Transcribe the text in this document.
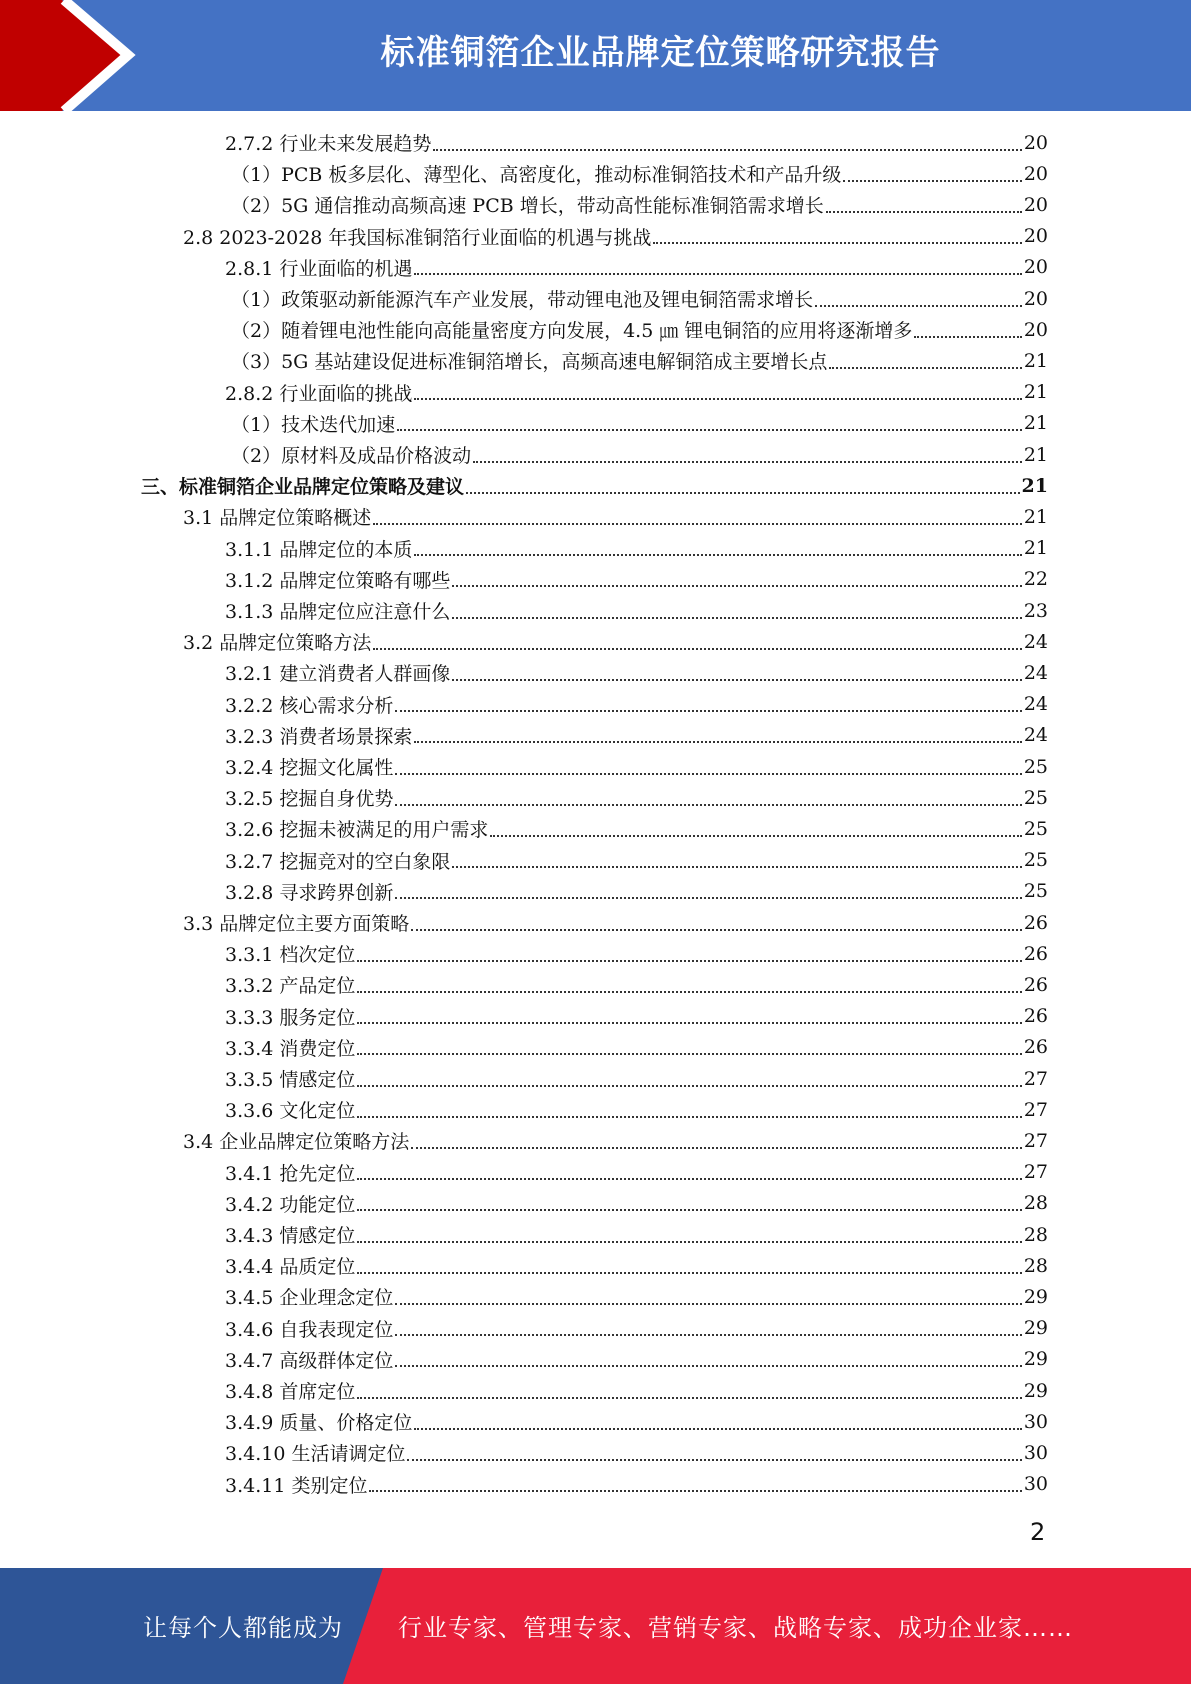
标准铜箔企业品牌定位策略研究报告
2.7.2 行业未来发展趋势	20
（1）PCB 板多层化、薄型化、高密度化，推动标准铜箔技术和产品升级	20
（2）5G 通信推动高频高速 PCB 增长，带动高性能标准铜箔需求增长	20
2.8 2023-2028 年我国标准铜箔行业面临的机遇与挑战	20
2.8.1 行业面临的机遇	20
（1）政策驱动新能源汽车产业发展，带动锂电池及锂电铜箔需求增长	20
（2）随着锂电池性能向高能量密度方向发展，4.5 ㎛ 锂电铜箔的应用将逐渐增多	20
（3）5G 基站建设促进标准铜箔增长，高频高速电解铜箔成主要增长点	21
2.8.2 行业面临的挑战	21
（1）技术迭代加速	21
（2）原材料及成品价格波动	21
三、标准铜箔企业品牌定位策略及建议	21
3.1 品牌定位策略概述	21
3.1.1 品牌定位的本质	21
3.1.2 品牌定位策略有哪些	22
3.1.3 品牌定位应注意什么	23
3.2 品牌定位策略方法	24
3.2.1 建立消费者人群画像	24
3.2.2 核心需求分析	24
3.2.3 消费者场景探索	24
3.2.4 挖掘文化属性	25
3.2.5 挖掘自身优势	25
3.2.6 挖掘未被满足的用户需求	25
3.2.7 挖掘竞对的空白象限	25
3.2.8 寻求跨界创新	25
3.3 品牌定位主要方面策略	26
3.3.1 档次定位	26
3.3.2 产品定位	26
3.3.3 服务定位	26
3.3.4 消费定位	26
3.3.5 情感定位	27
3.3.6 文化定位	27
3.4 企业品牌定位策略方法	27
3.4.1 抢先定位	27
3.4.2 功能定位	28
3.4.3 情感定位	28
3.4.4 品质定位	28
3.4.5 企业理念定位	29
3.4.6 自我表现定位	29
3.4.7 高级群体定位	29
3.4.8 首席定位	29
3.4.9 质量、价格定位	30
3.4.10 生活请调定位	30
3.4.11 类别定位	30
2
让每个人都能成为 行业专家、管理专家、营销专家、战略专家、成功企业家……
